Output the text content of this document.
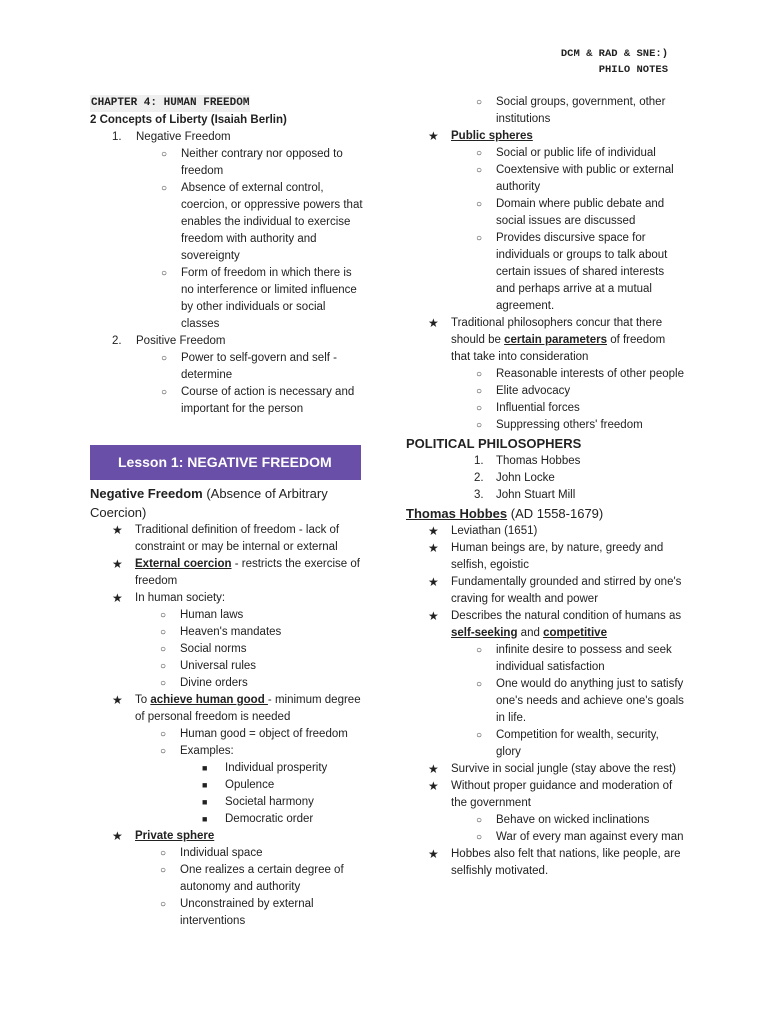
DCM & RAD & SNE:)
PHILO NOTES
CHAPTER 4: HUMAN FREEDOM
2 Concepts of Liberty (Isaiah Berlin)
1. Negative Freedom
○ Neither contrary nor opposed to freedom
○ Absence of external control, coercion, or oppressive powers that enables the individual to exercise freedom with authority and sovereignty
○ Form of freedom in which there is no interference or limited influence by other individuals or social classes
2. Positive Freedom
○ Power to self-govern and self -determine
○ Course of action is necessary and important for the person
Lesson 1: NEGATIVE FREEDOM
Negative Freedom (Absence of Arbitrary Coercion)
★ Traditional definition of freedom - lack of constraint or may be internal or external
★ External coercion - restricts the exercise of freedom
★ In human society:
○ Human laws
○ Heaven's mandates
○ Social norms
○ Universal rules
○ Divine orders
★ To achieve human good - minimum degree of personal freedom is needed
○ Human good = object of freedom
○ Examples:
■ Individual prosperity
■ Opulence
■ Societal harmony
■ Democratic order
★ Private sphere
○ Individual space
○ One realizes a certain degree of autonomy and authority
○ Unconstrained by external interventions
○ Social groups, government, other institutions
★ Public spheres
○ Social or public life of individual
○ Coextensive with public or external authority
○ Domain where public debate and social issues are discussed
○ Provides discursive space for individuals or groups to talk about certain issues of shared interests and perhaps arrive at a mutual agreement.
★ Traditional philosophers concur that there should be certain parameters of freedom that take into consideration
○ Reasonable interests of other people
○ Elite advocacy
○ Influential forces
○ Suppressing others' freedom
POLITICAL PHILOSOPHERS
1. Thomas Hobbes
2. John Locke
3. John Stuart Mill
Thomas Hobbes (AD 1558-1679)
★ Leviathan (1651)
★ Human beings are, by nature, greedy and selfish, egoistic
★ Fundamentally grounded and stirred by one's craving for wealth and power
★ Describes the natural condition of humans as self-seeking and competitive
○ infinite desire to possess and seek individual satisfaction
○ One would do anything just to satisfy one's needs and achieve one's goals in life.
○ Competition for wealth, security, glory
★ Survive in social jungle (stay above the rest)
★ Without proper guidance and moderation of the government
○ Behave on wicked inclinations
○ War of every man against every man
★ Hobbes also felt that nations, like people, are selfishly motivated.
